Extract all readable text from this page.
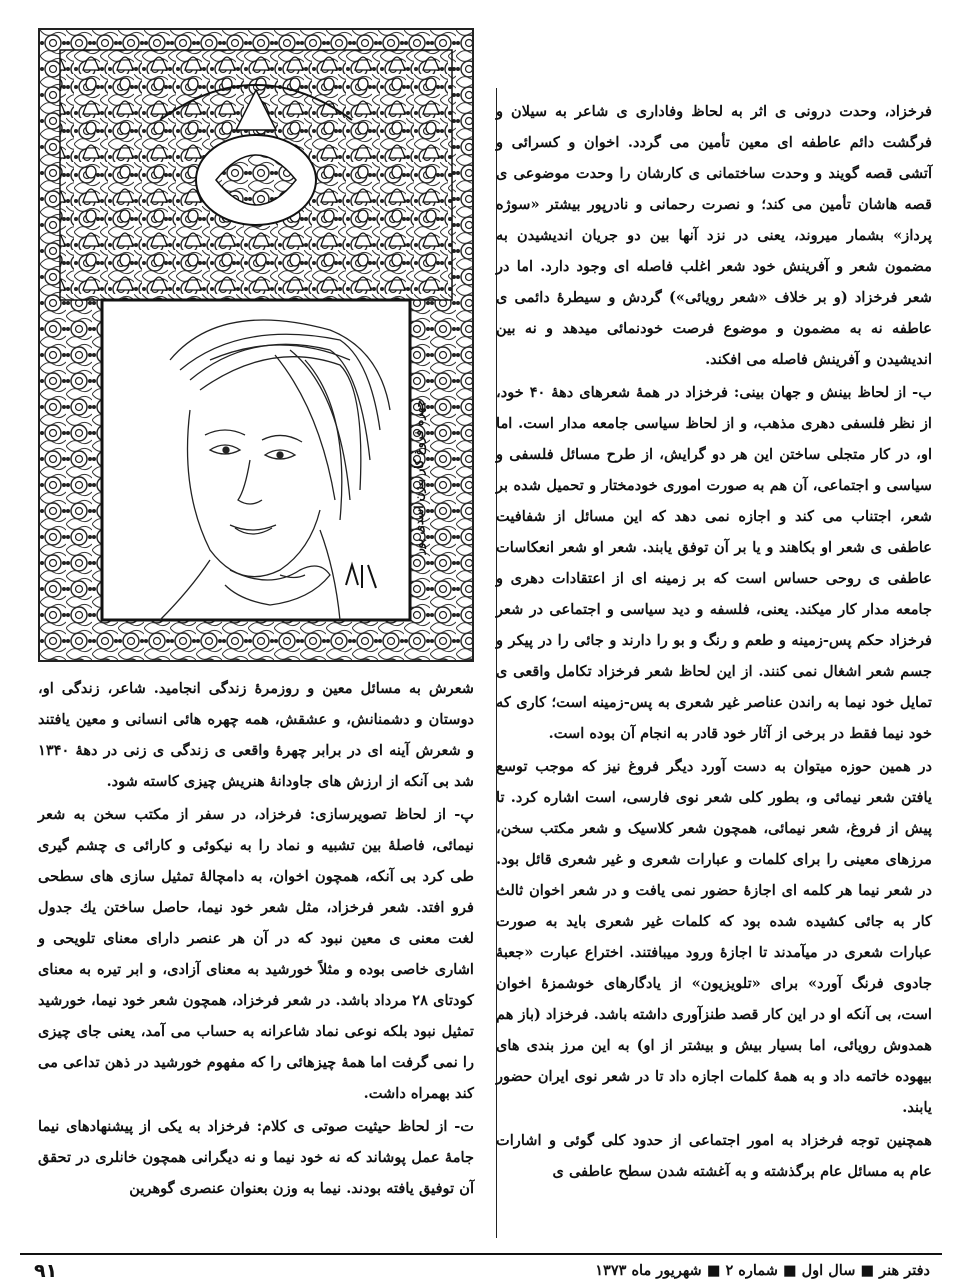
چهره فروغ کار بیژن اسدی پور

فرخزاد، وحدت درونی ی اثر به لحاظ وفاداری ی شاعر به سیلان و فرگشت دائم عاطفه ای معین تأمین می گردد. اخوان و کسرائی و آتشی قصه گویند و وحدت ساختمانی ی کارشان را وحدت موضوعی ی قصه هاشان تأمین می کند؛ و نصرت رحمانی و نادرپور بیشتر «سوژه پرداز» بشمار میروند، یعنی در نزد آنها بین دو جریان اندیشیدن به مضمون شعر و آفرینش خود شعر اغلب فاصله ای وجود دارد. اما در شعر فرخزاد (و بر خلاف «شعر رویائی») گردش و سیطرهٔ دائمی ی عاطفه نه به مضمون و موضوع فرصت خودنمائی میدهد و نه بین اندیشیدن و آفرینش فاصله می افکند.

ب- از لحاظ بینش و جهان بینی: فرخزاد در همهٔ شعرهای دههٔ ۴۰ خود، از نظر فلسفی دهری مذهب، و از لحاظ سیاسی جامعه مدار است. اما او، در کار متجلی ساختن این هر دو گرایش، از طرح مسائل فلسفی و سیاسی و اجتماعی، آن هم به صورت اموری خودمختار و تحمیل شده بر شعر، اجتناب می کند و اجازه نمی دهد که این مسائل از شفافیت عاطفی ی شعر او بکاهند و یا بر آن توفق یابند. شعر او شعر انعکاسات عاطفی ی روحی حساس است که بر زمینه ای از اعتقادات دهری و جامعه مدار کار میکند. یعنی، فلسفه و دید سیاسی و اجتماعی در شعر فرخزاد حکم پس-زمینه و طعم و رنگ و بو را دارند و جائی را در پیکر و جسم شعر اشغال نمی کنند. از این لحاظ شعر فرخزاد تکامل واقعی ی تمایل خود نیما به راندن عناصر غیر شعری به پس-زمینه است؛ کاری که خود نیما فقط در برخی از آثار خود قادر به انجام آن بوده است.

در همین حوزه میتوان به دست آورد دیگر فروغ نیز که موجب توسع یافتن شعر نیمائی و، بطور کلی شعر نوی فارسی، است اشاره کرد. تا پیش از فروغ، شعر نیمائی، همچون شعر کلاسیک و شعر مکتب سخن، مرزهای معینی را برای کلمات و عبارات شعری و غیر شعری قائل بود. در شعر نیما هر کلمه ای اجازهٔ حضور نمی یافت و در شعر اخوان ثالث کار به جائی کشیده شده بود که کلمات غیر شعری باید به صورت عبارات شعری در میآمدند تا اجازهٔ ورود میبافتند. اختراع عبارت «جعبهٔ جادوی فرنگ آورد» برای «تلویزیون» از یادگارهای خوشمزهٔ اخوان است، بی آنکه او در این کار قصد طنزآوری داشته باشد. فرخزاد (باز هم همدوش رویائی، اما بسیار بیش و بیشتر از او) به این مرز بندی های بیهوده خاتمه داد و به همهٔ کلمات اجازه داد تا در شعر نوی ایران حضور یابند.

همچنین توجه فرخزاد به امور اجتماعی از حدود کلی گوئی و اشارات عام به مسائل عام برگذشته و به آغشته شدن سطح عاطفی ی

شعرش به مسائل معین و روزمرهٔ زندگی انجامید. شاعر، زندگی او، دوستان و دشمنانش، و عشقش، همه چهره هائی انسانی و معین یافتند و شعرش آینه ای در برابر چهرهٔ واقعی ی زندگی ی زنی در دههٔ ۱۳۴۰ شد بی آنکه از ارزش های جاودانهٔ هنریش چیزی کاسته شود.

پ- از لحاظ تصویرسازی: فرخزاد، در سفر از مکتب سخن به شعر نیمائی، فاصلهٔ بین تشبیه و نماد را به نیکوئی و کارائی ی چشم گیری طی کرد بی آنکه، همچون اخوان، به دامچالهٔ تمثیل سازی های سطحی فرو افتد. شعر فرخزاد، مثل شعر خود نیما، حاصل ساختن یك جدول لغت معنی ی معین نبود که در آن هر عنصر دارای معنای تلویحی و اشاری خاصی بوده و مثلاً خورشید به معنای آزادی، و ابر تیره به معنای کودتای ۲۸ مرداد باشد. در شعر فرخزاد، همچون شعر خود نیما، خورشید تمثیل نبود بلکه نوعی نماد شاعرانه به حساب می آمد، یعنی جای چیزی را نمی گرفت اما همهٔ چیزهائی را که مفهوم خورشید در ذهن تداعی می کند بهمراه داشت.

ت- از لحاظ حیثیت صوتی ی کلام: فرخزاد به یکی از پیشنهادهای نیما جامهٔ عمل پوشاند که نه خود نیما و نه دیگرانی همچون خانلری در تحقق آن توفیق یافته بودند. نیما به وزن بعنوان عنصری گوهرین

۹۱	دفتر هنر ■ سال اول ■ شماره ۲ ■ شهریور ماه ۱۳۷۳
